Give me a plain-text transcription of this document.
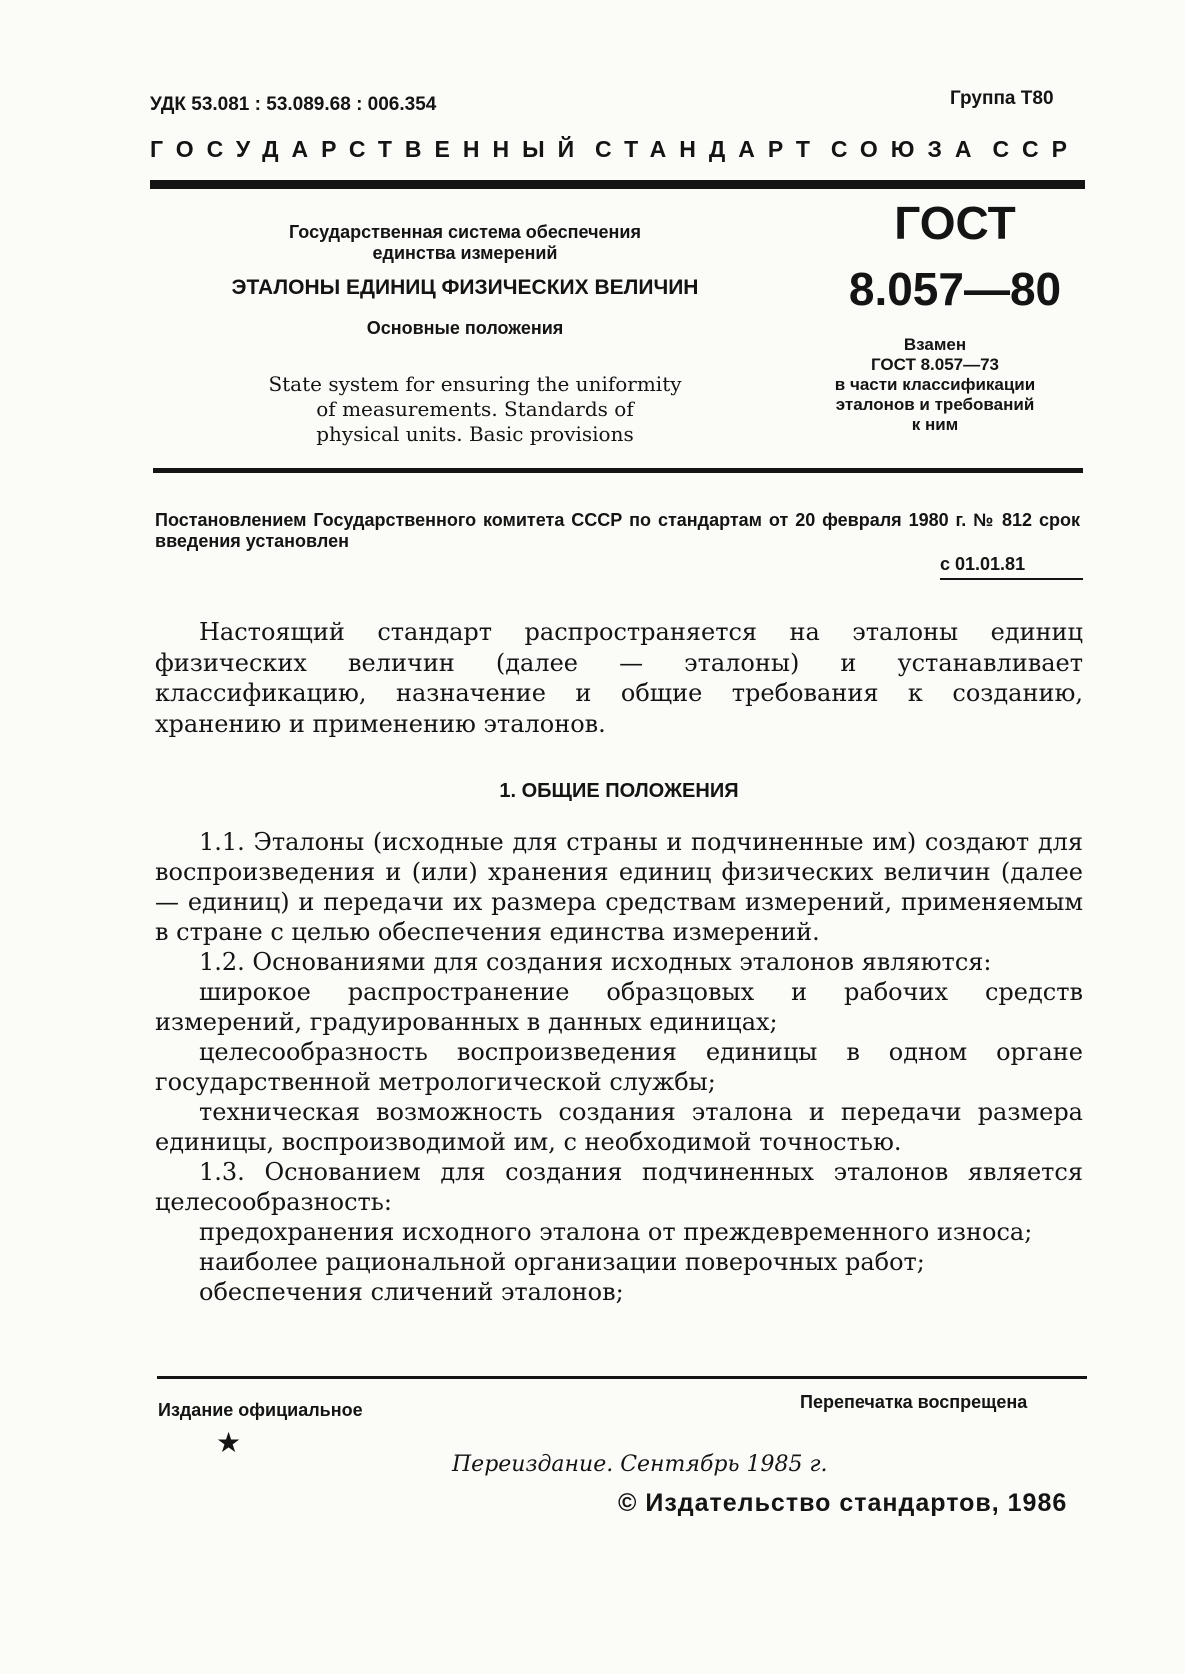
УДК 53.081 : 53.089.68 : 006.354	Группа Т80
ГОСУДАРСТВЕННЫЙ СТАНДАРТ СОЮЗА ССР
Государственная система обеспечения
единства измерений
ЭТАЛОНЫ ЕДИНИЦ ФИЗИЧЕСКИХ ВЕЛИЧИН
Основные положения
State system for ensuring the uniformity
of measurements. Standards of
physical units. Basic provisions
ГОСТ
8.057—80
Взамен
ГОСТ 8.057—73
в части классификации
эталонов и требований
к ним
Постановлением Государственного комитета СССР по стандартам от 20 февраля 1980 г. № 812 срок введения установлен
с 01.01.81

Настоящий стандарт распространяется на эталоны единиц физических величин (далее — эталоны) и устанавливает классификацию, назначение и общие требования к созданию, хранению и применению эталонов.

1. ОБЩИЕ ПОЛОЖЕНИЯ

1.1. Эталоны (исходные для страны и подчиненные им) создают для воспроизведения и (или) хранения единиц физических величин (далее — единиц) и передачи их размера средствам измерений, применяемым в стране с целью обеспечения единства измерений.

1.2. Основаниями для создания исходных эталонов являются:

широкое распространение образцовых и рабочих средств измерений, градуированных в данных единицах;

целесообразность воспроизведения единицы в одном органе государственной метрологической службы;

техническая возможность создания эталона и передачи размера единицы, воспроизводимой им, с необходимой точностью.

1.3. Основанием для создания подчиненных эталонов является целесообразность:

предохранения исходного эталона от преждевременного износа;

наиболее рациональной организации поверочных работ;

обеспечения сличений эталонов;

Издание официальное	Перепечатка воспрещена
★
Переиздание. Сентябрь 1985 г.
© Издательство стандартов, 1986
